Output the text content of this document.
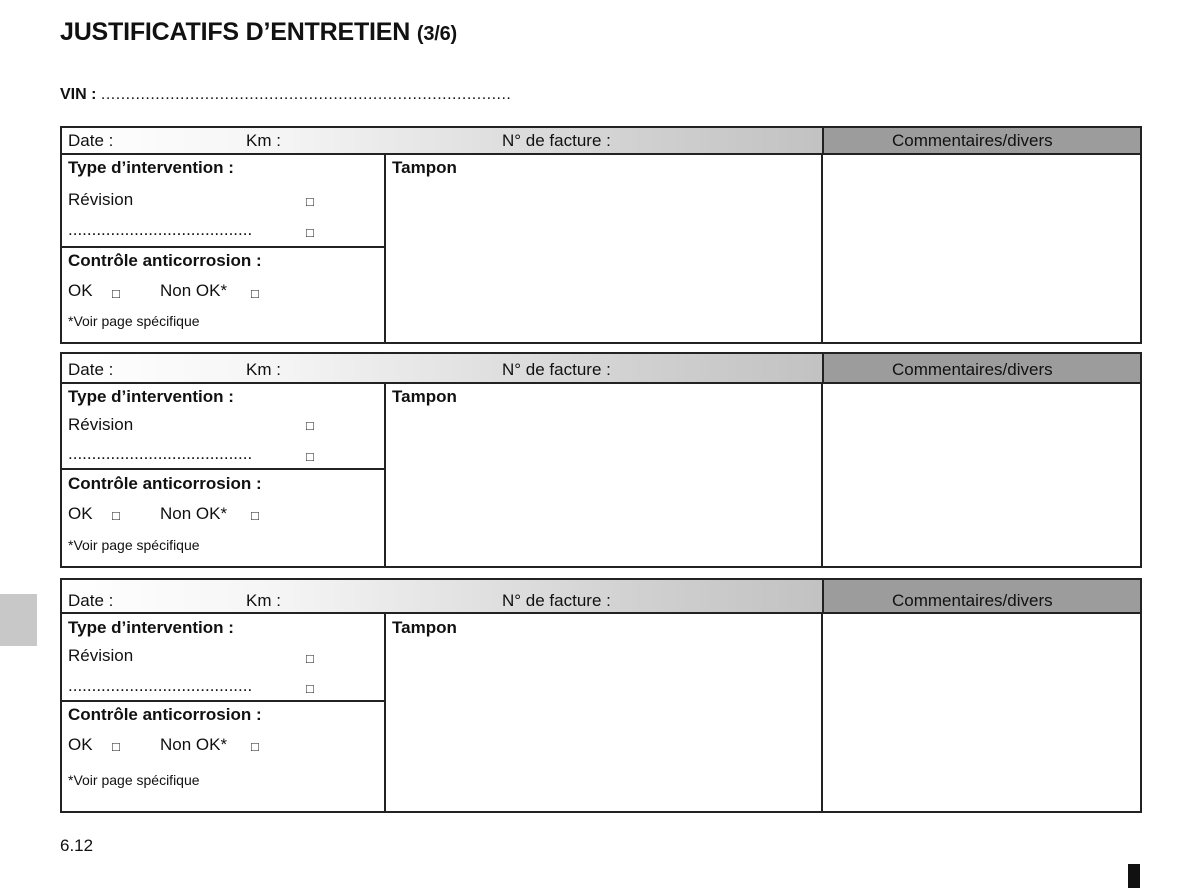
JUSTIFICATIFS D’ENTRETIEN (3/6)
VIN : ...................................................................................
Date :	Km :	N° de facture :	Commentaires/divers
Type d’intervention :
Révision	□
.......................................	□
Contrôle anticorrosion :
OK □ Non OK* □
*Voir page spécifique
Tampon
Date :	Km :	N° de facture :	Commentaires/divers
Type d’intervention :
Révision	□
.......................................	□
Contrôle anticorrosion :
OK □ Non OK* □
*Voir page spécifique
Tampon
Date :	Km :	N° de facture :	Commentaires/divers
Type d’intervention :
Révision	□
.......................................	□
Contrôle anticorrosion :
OK □ Non OK* □
*Voir page spécifique
Tampon
6.12
